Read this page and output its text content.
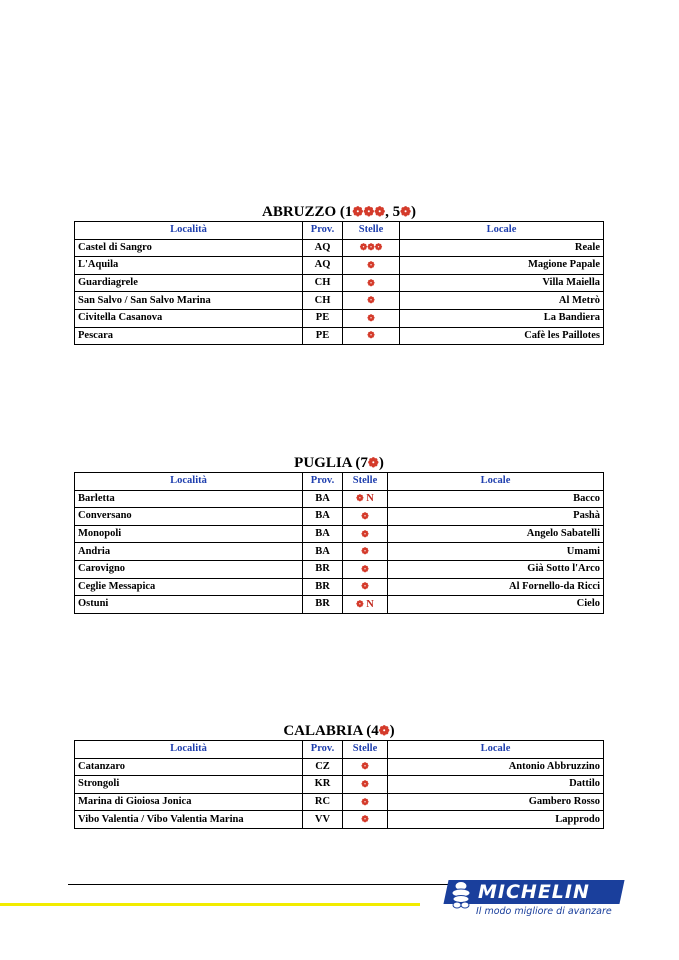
ABRUZZO (1❁❁❁, 5❁)
Località	Prov.	Stelle	Locale
Castel di Sangro	AQ	❁❁❁	Reale
L'Aquila	AQ	❁	Magione Papale
Guardiagrele	CH	❁	Villa Maiella
San Salvo / San Salvo Marina	CH	❁	Al Metrò
Civitella Casanova	PE	❁	La Bandiera
Pescara	PE	❁	Cafè les Paillotes
PUGLIA (7❁)
Località	Prov.	Stelle	Locale
Barletta	BA	❁ N	Bacco
Conversano	BA	❁	Pashà
Monopoli	BA	❁	Angelo Sabatelli
Andria	BA	❁	Umami
Carovigno	BR	❁	Già Sotto l'Arco
Ceglie Messapica	BR	❁	Al Fornello-da Ricci
Ostuni	BR	❁ N	Cielo
CALABRIA (4❁)
Località	Prov.	Stelle	Locale
Catanzaro	CZ	❁	Antonio Abbruzzino
Strongoli	KR	❁	Dattilo
Marina di Gioiosa Jonica	RC	❁	Gambero Rosso
Vibo Valentia / Vibo Valentia Marina	VV	❁	Lapprodo
MICHELIN
Il modo migliore di avanzare
